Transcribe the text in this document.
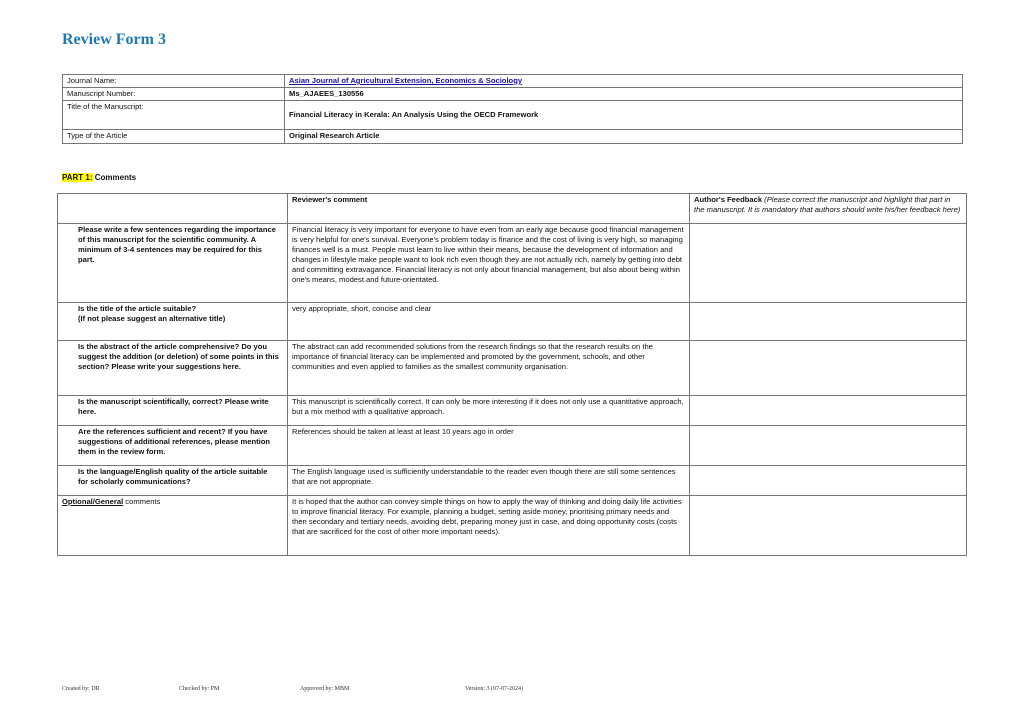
Review Form 3
Journal Name:	Asian Journal of Agricultural Extension, Economics & Sociology
Manuscript Number:	Ms_AJAEES_130556
Title of the Manuscript:	Financial Literacy in Kerala: An Analysis Using the OECD Framework
Type of the Article	Original Research Article
PART 1: Comments
	Reviewer's comment	Author's Feedback (Please correct the manuscript and highlight that part in the manuscript. It is mandatory that authors should write his/her feedback here)
Please write a few sentences regarding the importance of this manuscript for the scientific community. A minimum of 3-4 sentences may be required for this part.	Financial literacy is very important for everyone to have even from an early age because good financial management is very helpful for one's survival. Everyone's problem today is finance and the cost of living is very high, so managing finances well is a must. People must learn to live within their means, because the development of information and changes in lifestyle make people want to look rich even though they are not actually rich, namely by getting into debt and committing extravagance. Financial literacy is not only about financial management, but also about being within one's means, modest and future-orientated.	
Is the title of the article suitable?
(If not please suggest an alternative title)	very appropriate, short, concise and clear	
Is the abstract of the article comprehensive? Do you suggest the addition (or deletion) of some points in this section? Please write your suggestions here.	The abstract can add recommended solutions from the research findings so that the research results on the importance of financial literacy can be implemented and promoted by the government, schools, and other communities and even applied to families as the smallest community organisation.	
Is the manuscript scientifically, correct? Please write here.	This manuscript is scientifically correct. It can only be more interesting if it does not only use a quantitative approach, but a mix method with a qualitative approach.	
Are the references sufficient and recent? If you have suggestions of additional references, please mention them in the review form.	References should be taken at least at least 10 years ago in order	
Is the language/English quality of the article suitable for scholarly communications?	The English language used is sufficiently understandable to the reader even though there are still some sentences that are not appropriate.	
Optional/General comments	It is hoped that the author can convey simple things on how to apply the way of thinking and doing daily life activities to improve financial literacy. For example, planning a budget, setting aside money, prioritising primary needs and then secondary and tertiary needs, avoiding debt, preparing money just in case, and doing opportunity costs (costs that are sacrificed for the cost of other more important needs).	
Created by: DR	Checked by: PM	Approved by: MBM	Version: 3 (07-07-2024)
